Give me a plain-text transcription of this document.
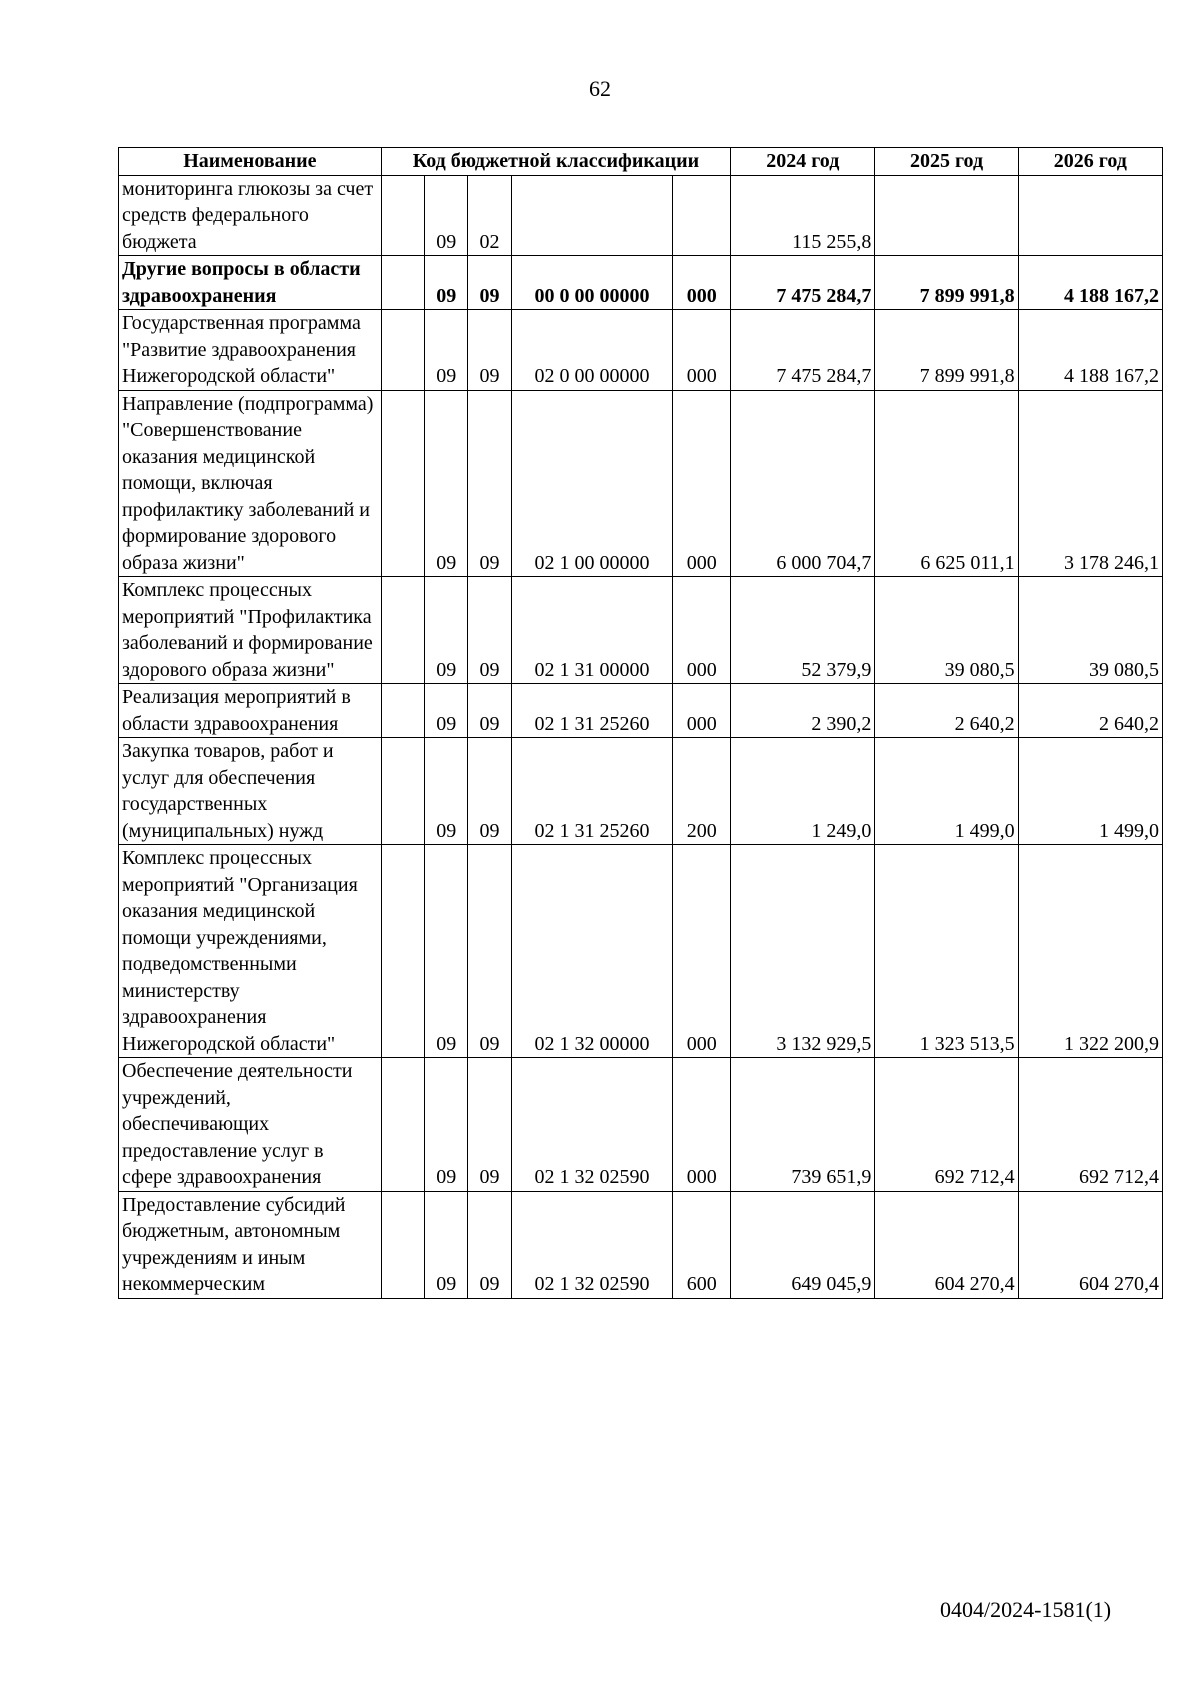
62
Наименование	Код бюджетной классификации					2024 год	2025 год	2026 год
мониторинга глюкозы за счет средств федерального бюджета		09	02			115 255,8		
Другие вопросы в области здравоохранения		09	09	00 0 00 00000	000	7 475 284,7	7 899 991,8	4 188 167,2
Государственная программа "Развитие здравоохранения Нижегородской области"		09	09	02 0 00 00000	000	7 475 284,7	7 899 991,8	4 188 167,2
Направление (подпрограмма) "Совершенствование оказания медицинской помощи, включая профилактику заболеваний и формирование здорового образа жизни"		09	09	02 1 00 00000	000	6 000 704,7	6 625 011,1	3 178 246,1
Комплекс процессных мероприятий "Профилактика заболеваний и формирование здорового образа жизни"		09	09	02 1 31 00000	000	52 379,9	39 080,5	39 080,5
Реализация мероприятий в области здравоохранения		09	09	02 1 31 25260	000	2 390,2	2 640,2	2 640,2
Закупка товаров, работ и услуг для обеспечения государственных (муниципальных) нужд		09	09	02 1 31 25260	200	1 249,0	1 499,0	1 499,0
Комплекс процессных мероприятий "Организация оказания медицинской помощи учреждениями, подведомственными министерству здравоохранения Нижегородской области"		09	09	02 1 32 00000	000	3 132 929,5	1 323 513,5	1 322 200,9
Обеспечение деятельности учреждений, обеспечивающих предоставление услуг в сфере здравоохранения		09	09	02 1 32 02590	000	739 651,9	692 712,4	692 712,4
Предоставление субсидий бюджетным, автономным учреждениям и иным некоммерческим		09	09	02 1 32 02590	600	649 045,9	604 270,4	604 270,4
0404/2024-1581(1)
